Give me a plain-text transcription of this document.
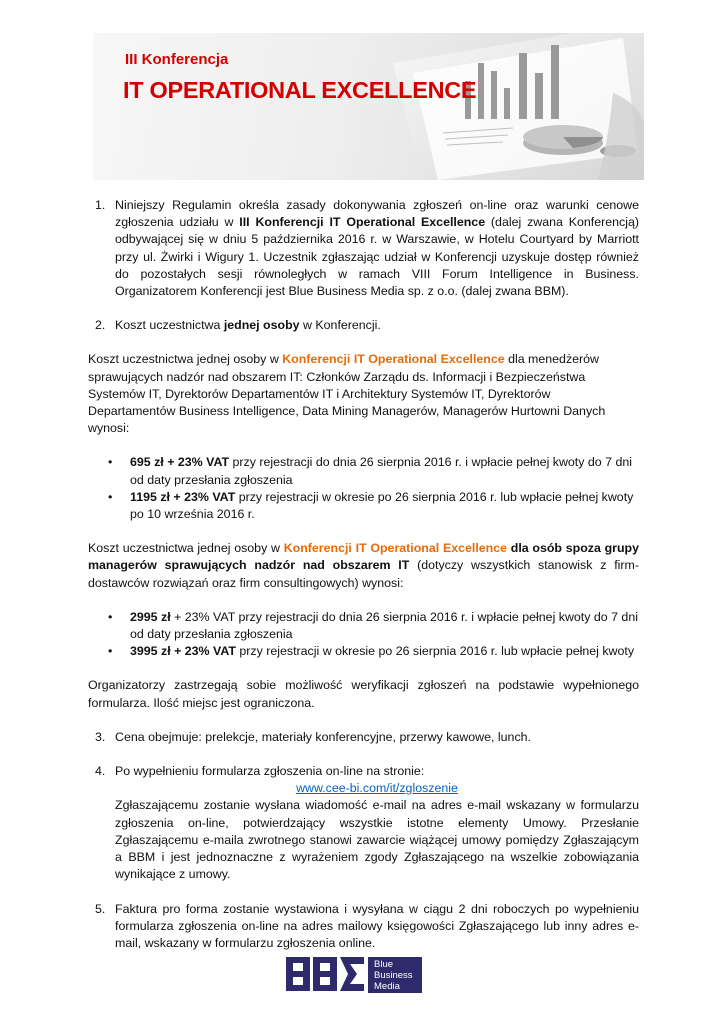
III Konferencja
IT OPERATIONAL EXCELLENCE
1. Niniejszy Regulamin określa zasady dokonywania zgłoszeń on-line oraz warunki cenowe zgłoszenia udziału w III Konferencji IT Operational Excellence (dalej zwana Konferencją) odbywającej się w dniu 5 października 2016 r. w Warszawie, w Hotelu Courtyard by Marriott przy ul. Żwirki i Wigury 1. Uczestnik zgłaszając udział w Konferencji uzyskuje dostęp również do pozostałych sesji równoległych w ramach VIII Forum Intelligence in Business. Organizatorem Konferencji jest Blue Business Media sp. z o.o. (dalej zwana BBM).
2. Koszt uczestnictwa jednej osoby w Konferencji.

Koszt uczestnictwa jednej osoby w Konferencji IT Operational Excellence dla menedżerów sprawujących nadzór nad obszarem IT: Członków Zarządu ds. Informacji i Bezpieczeństwa Systemów IT, Dyrektorów Departamentów IT i Architektury Systemów IT, Dyrektorów Departamentów Business Intelligence, Data Mining Managerów, Managerów Hurtowni Danych wynosi:

• 695 zł + 23% VAT przy rejestracji do dnia 26 sierpnia 2016 r. i wpłacie pełnej kwoty do 7 dni od daty przesłania zgłoszenia
• 1195 zł + 23% VAT przy rejestracji w okresie po 26 sierpnia 2016 r. lub wpłacie pełnej kwoty po 10 września 2016 r.

Koszt uczestnictwa jednej osoby w Konferencji IT Operational Excellence dla osób spoza grupy managerów sprawujących nadzór nad obszarem IT (dotyczy wszystkich stanowisk z firm-dostawców rozwiązań oraz firm consultingowych) wynosi:

• 2995 zł + 23% VAT przy rejestracji do dnia 26 sierpnia 2016 r. i wpłacie pełnej kwoty do 7 dni od daty przesłania zgłoszenia
• 3995 zł + 23% VAT przy rejestracji w okresie po 26 sierpnia 2016 r. lub wpłacie pełnej kwoty

Organizatorzy zastrzegają sobie możliwość weryfikacji zgłoszeń na podstawie wypełnionego formularza. Ilość miejsc jest ograniczona.

3. Cena obejmuje: prelekcje, materiały konferencyjne, przerwy kawowe, lunch.
4. Po wypełnieniu formularza zgłoszenia on-line na stronie:
www.cee-bi.com/it/zgloszenie
Zgłaszającemu zostanie wysłana wiadomość e-mail na adres e-mail wskazany w formularzu zgłoszenia on-line, potwierdzający wszystkie istotne elementy Umowy. Przesłanie Zgłaszającemu e-maila zwrotnego stanowi zawarcie wiążącej umowy pomiędzy Zgłaszającym a BBM i jest jednoznaczne z wyrażeniem zgody Zgłaszającego na wszelkie zobowiązania wynikające z umowy.
5. Faktura pro forma zostanie wystawiona i wysyłana w ciągu 2 dni roboczych po wypełnieniu formularza zgłoszenia on-line na adres mailowy księgowości Zgłaszającego lub inny adres e-mail, wskazany w formularzu zgłoszenia online.
Blue
Business
Media
